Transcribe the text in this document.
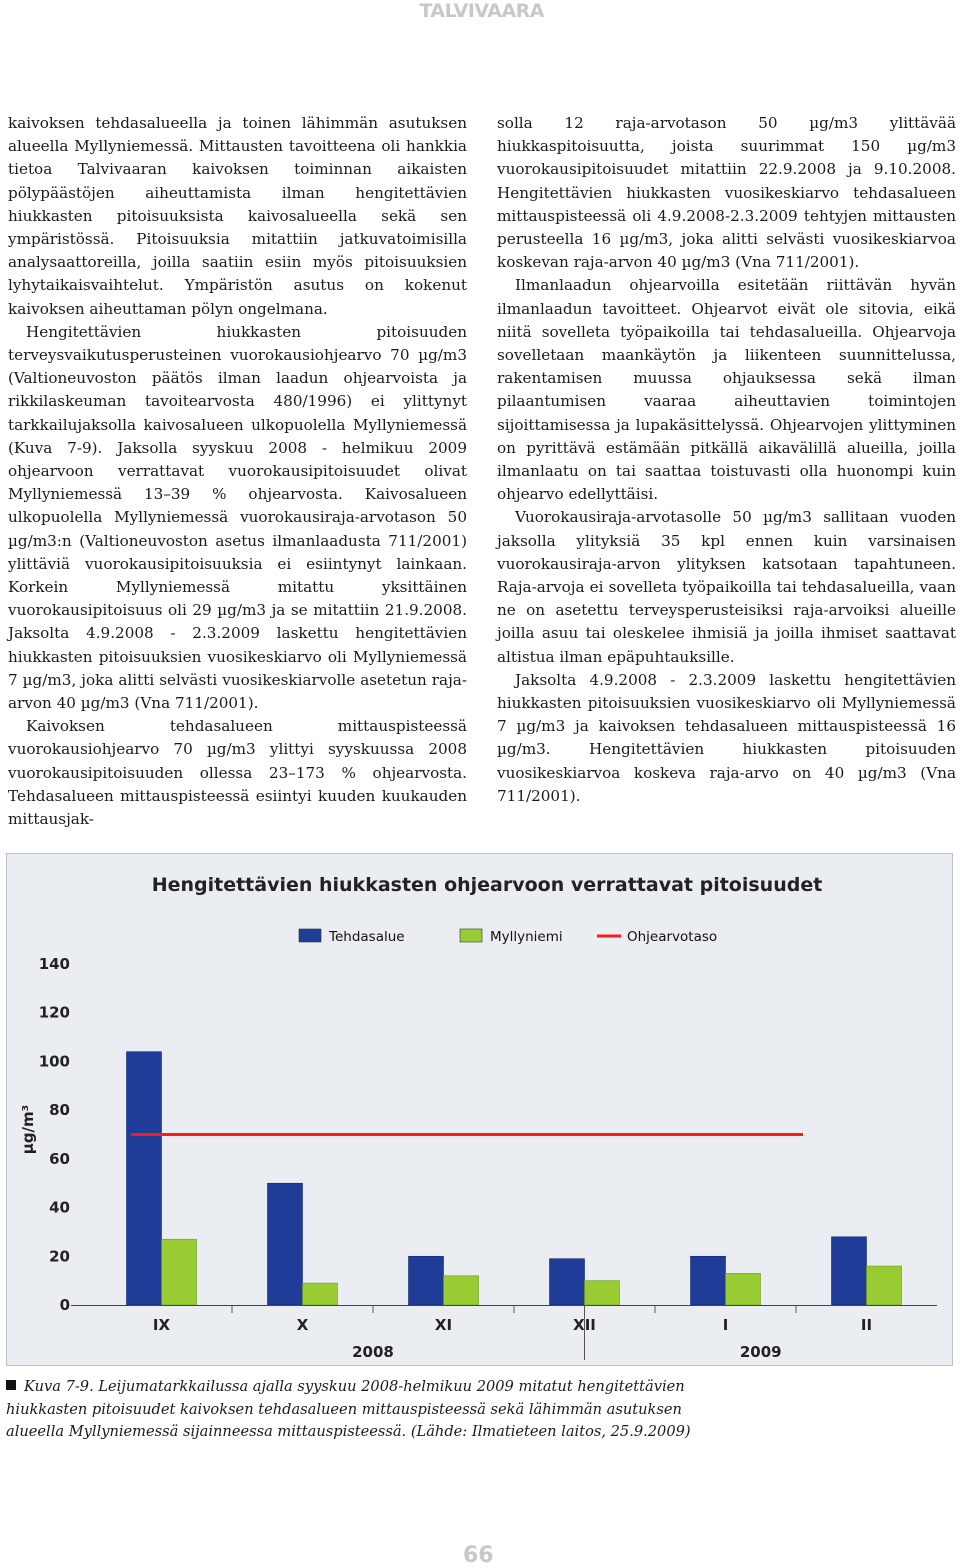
TALVIVAARA

kaivoksen tehdasalueella ja toinen lähimmän asutuksen alueella Myllyniemessä. Mittausten tavoitteena oli hankkia tietoa Talvivaaran kaivoksen toiminnan aikaisten pölypäästöjen aiheuttamista ilman hengitettävien hiukkasten pitoisuuksista kaivosalueella sekä sen ympäristössä. Pitoisuuksia mitattiin jatkuvatoimisilla analysaattoreilla, joilla saatiin esiin myös pitoisuuksien lyhytaikaisvaihtelut. Ympäristön asutus on kokenut kaivoksen aiheuttaman pölyn ongelmana.

Hengitettävien hiukkasten pitoisuuden terveysvaikutusperusteinen vuorokausiohjearvo 70 µg/m3 (Valtioneuvoston päätös ilman laadun ohjearvoista ja rikkilaskeuman tavoitearvosta 480/1996) ei ylittynyt tarkkailujaksolla kaivosalueen ulkopuolella Myllyniemessä (Kuva 7-9). Jaksolla syyskuu 2008 - helmikuu 2009 ohjearvoon verrattavat vuorokausipitoisuudet olivat Myllyniemessä 13–39 % ohjearvosta. Kaivosalueen ulkopuolella Myllyniemessä vuorokausiraja-arvotason 50 µg/m3:n (Valtioneuvoston asetus ilmanlaadusta 711/2001) ylittäviä vuorokausipitoisuuksia ei esiintynyt lainkaan. Korkein Myllyniemessä mitattu yksittäinen vuorokausipitoisuus oli 29 µg/m3 ja se mitattiin 21.9.2008. Jaksolta 4.9.2008 - 2.3.2009 laskettu hengitettävien hiukkasten pitoisuuksien vuosikeskiarvo oli Myllyniemessä 7 µg/m3, joka alitti selvästi vuosikeskiarvolle asetetun raja-arvon 40 µg/m3 (Vna 711/2001).

Kaivoksen tehdasalueen mittauspisteessä vuorokausiohjearvo 70 µg/m3 ylittyi syyskuussa 2008 vuorokausipitoisuuden ollessa 23–173 % ohjearvosta. Tehdasalueen mittauspisteessä esiintyi kuuden kuukauden mittausjak-

solla 12 raja-arvotason 50 µg/m3 ylittävää hiukkaspitoisuutta, joista suurimmat 150 µg/m3 vuorokausipitoisuudet mitattiin 22.9.2008 ja 9.10.2008. Hengitettävien hiukkasten vuosikeskiarvo tehdasalueen mittauspisteessä oli 4.9.2008-2.3.2009 tehtyjen mittausten perusteella 16 µg/m3, joka alitti selvästi vuosikeskiarvoa koskevan raja-arvon 40 µg/m3 (Vna 711/2001).

Ilmanlaadun ohjearvoilla esitetään riittävän hyvän ilmanlaadun tavoitteet. Ohjearvot eivät ole sitovia, eikä niitä sovelleta työpaikoilla tai tehdasalueilla. Ohjearvoja sovelletaan maankäytön ja liikenteen suunnittelussa, rakentamisen muussa ohjauksessa sekä ilman pilaantumisen vaaraa aiheuttavien toimintojen sijoittamisessa ja lupakäsittelyssä. Ohjearvojen ylittyminen on pyrittävä estämään pitkällä aikavälillä alueilla, joilla ilmanlaatu on tai saattaa toistuvasti olla huonompi kuin ohjearvo edellyttäisi.

Vuorokausiraja-arvotasolle 50 µg/m3 sallitaan vuoden jaksolla ylityksiä 35 kpl ennen kuin varsinaisen vuorokausiraja-arvon ylityksen katsotaan tapahtuneen. Raja-arvoja ei sovelleta työpaikoilla tai tehdasalueilla, vaan ne on asetettu terveysperusteisiksi raja-arvoiksi alueille joilla asuu tai oleskelee ihmisiä ja joilla ihmiset saattavat altistua ilman epäpuhtauksille.

Jaksolta 4.9.2008 - 2.3.2009 laskettu hengitettävien hiukkasten pitoisuuksien vuosikeskiarvo oli Myllyniemessä 7 µg/m3 ja kaivoksen tehdasalueen mittauspisteessä 16 µg/m3. Hengitettävien hiukkasten pitoisuuden vuosikeskiarvoa koskeva raja-arvo on 40 µg/m3 (Vna 711/2001).

Hengitettävien hiukkasten ohjearvoon verrattavat pitoisuudet
Tehdasalue	Myllyniemi	Ohjearvotaso
0
20
40
60
80
100
120
140
µg/m³
IX	X	XI	XII	I	II
2008	2009
Kuva 7-9. Leijumatarkkailussa ajalla syyskuu 2008-helmikuu 2009 mitatut hengitettävien hiukkasten pitoisuudet kaivoksen tehdasalueen mittauspisteessä sekä lähimmän asutuksen alueella Myllyniemessä sijainneessa mittauspisteessä. (Lähde: Ilmatieteen laitos, 25.9.2009)
66
